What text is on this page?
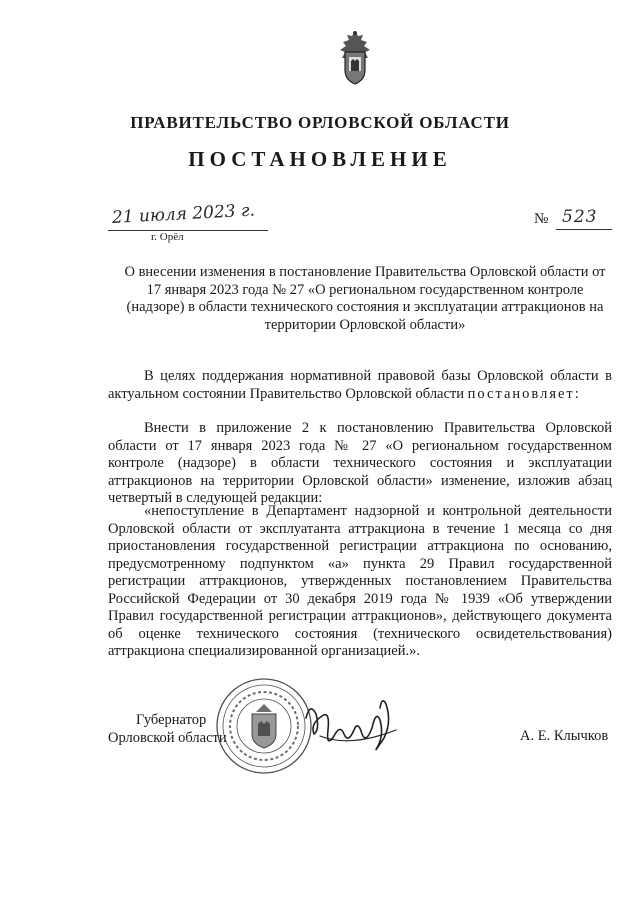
ПРАВИТЕЛЬСТВО ОРЛОВСКОЙ ОБЛАСТИ
ПОСТАНОВЛЕНИЕ
21 июля 2023 г.
г. Орёл
№ 523

О внесении изменения в постановление Правительства Орловской области от 17 января 2023 года № 27 «О региональном государственном контроле (надзоре) в области технического состояния и эксплуатации аттракционов на территории Орловской области»

В целях поддержания нормативной правовой базы Орловской области в актуальном состоянии Правительство Орловской области постановляет:

Внести в приложение 2 к постановлению Правительства Орловской области от 17 января 2023 года № 27 «О региональном государственном контроле (надзоре) в области технического состояния и эксплуатации аттракционов на территории Орловской области» изменение, изложив абзац четвертый в следующей редакции:

«непоступление в Департамент надзорной и контрольной деятельности Орловской области от эксплуатанта аттракциона в течение 1 месяца со дня приостановления государственной регистрации аттракциона по основанию, предусмотренному подпунктом «а» пункта 29 Правил государственной регистрации аттракционов, утвержденных постановлением Правительства Российской Федерации от 30 декабря 2019 года № 1939 «Об утверждении Правил государственной регистрации аттракционов», действующего документа об оценке технического состояния (технического освидетельствования) аттракциона специализированной организацией.».

Губернатор
Орловской области	А. Е. Клычков
